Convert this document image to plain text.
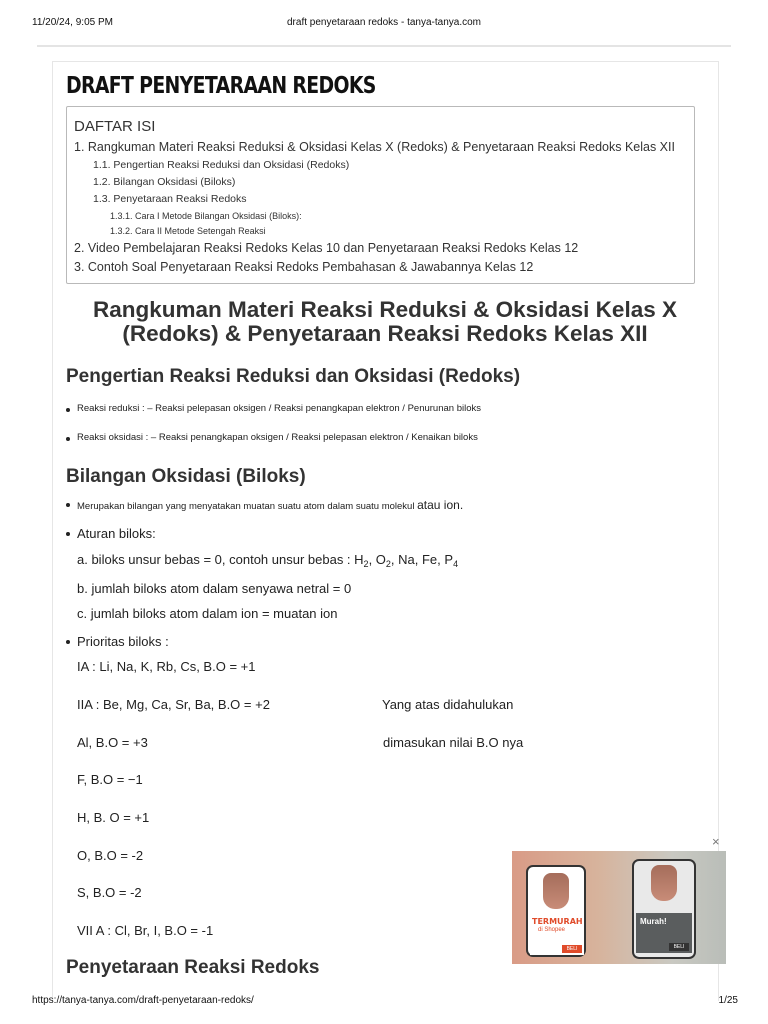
11/20/24, 9:05 PM	draft penyetaraan redoks - tanya-tanya.com
DRAFT PENYETARAAN REDOKS
DAFTAR ISI
1. Rangkuman Materi Reaksi Reduksi & Oksidasi Kelas X (Redoks) & Penyetaraan Reaksi Redoks Kelas XII
1.1. Pengertian Reaksi Reduksi dan Oksidasi (Redoks)
1.2. Bilangan Oksidasi (Biloks)
1.3. Penyetaraan Reaksi Redoks
1.3.1. Cara I Metode Bilangan Oksidasi (Biloks):
1.3.2. Cara II Metode Setengah Reaksi
2. Video Pembelajaran Reaksi Redoks Kelas 10 dan Penyetaraan Reaksi Redoks Kelas 12
3. Contoh Soal Penyetaraan Reaksi Redoks Pembahasan & Jawabannya Kelas 12
Rangkuman Materi Reaksi Reduksi & Oksidasi Kelas X (Redoks) & Penyetaraan Reaksi Redoks Kelas XII
Pengertian Reaksi Reduksi dan Oksidasi (Redoks)
Reaksi reduksi : – Reaksi pelepasan oksigen / Reaksi penangkapan elektron / Penurunan biloks
Reaksi oksidasi : – Reaksi penangkapan oksigen / Reaksi pelepasan elektron / Kenaikan biloks
Bilangan Oksidasi (Biloks)
Merupakan bilangan yang menyatakan muatan suatu atom dalam suatu molekul atau ion.
Aturan biloks:
a. biloks unsur bebas = 0, contoh unsur bebas : $H_2$, $O_2$, Na, Fe, $P_4$
b. jumlah biloks atom dalam senyawa netral = 0
c. jumlah biloks atom dalam ion = muatan ion
Prioritas biloks :
IA : Li, Na, K, Rb, Cs, B.O = +1
IIA : Be, Mg, Ca, Sr, Ba, B.O = +2	Yang atas didahulukan
Al, B.O = +3	dimasukan nilai B.O nya
F, B.O = −1
H, B. O = +1
O, B.O = -2
S, B.O = -2
VII A : Cl, Br, I, B.O = -1
Penyetaraan Reaksi Redoks
×
TERMURAH
di Shopee
BELI
Murah!
BELI
https://tanya-tanya.com/draft-penyetaraan-redoks/	1/25
